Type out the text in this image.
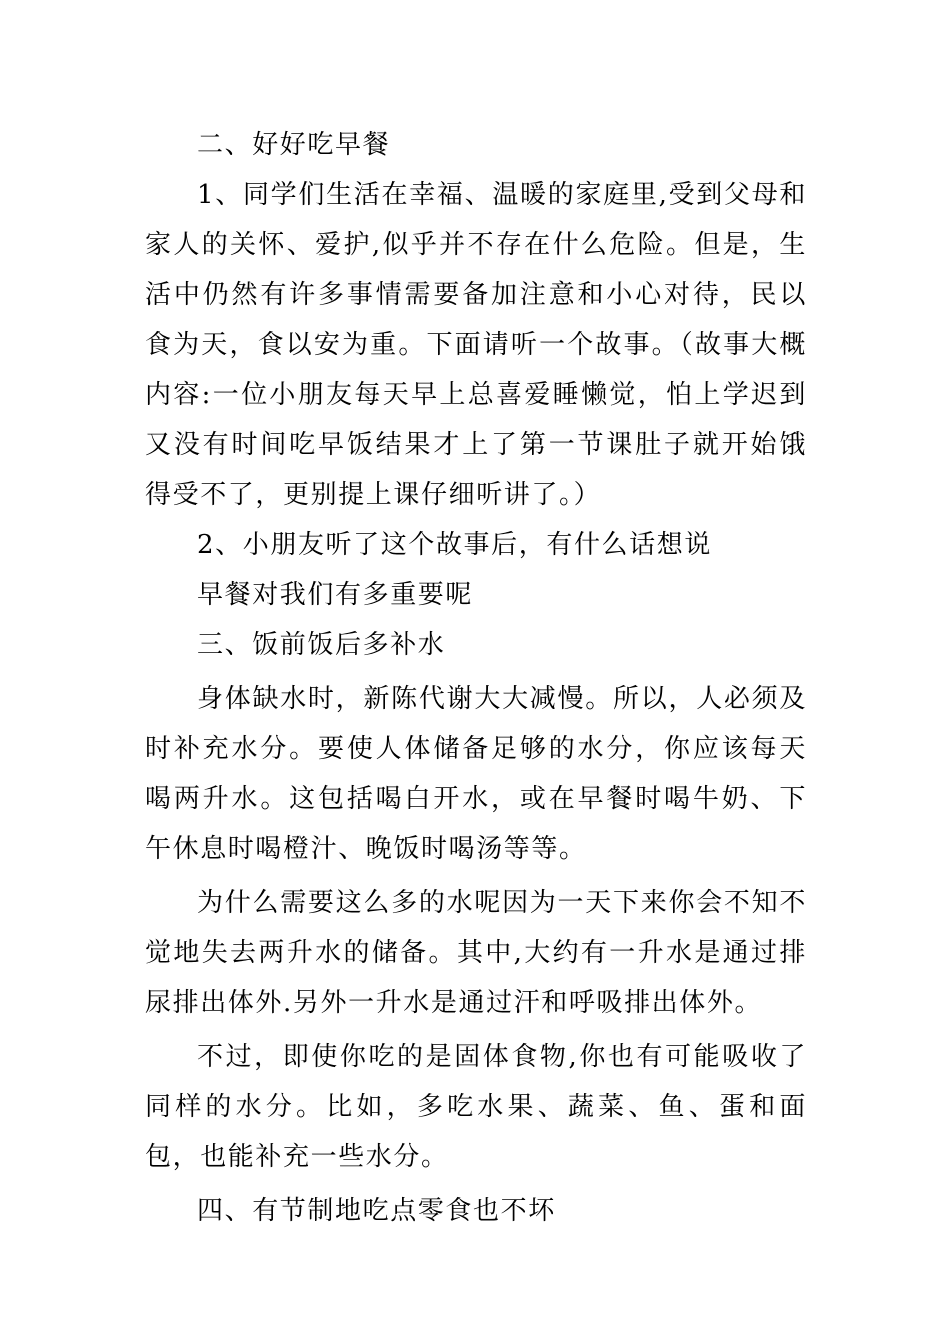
二、好好吃早餐

1、同学们生活在幸福、温暖的家庭里,受到父母和家人的关怀、爱护,似乎并不存在什么危险。但是，生活中仍然有许多事情需要备加注意和小心对待，民以食为天，食以安为重。下面请听一个故事。（故事大概内容:一位小朋友每天早上总喜爱睡懒觉，怕上学迟到又没有时间吃早饭结果才上了第一节课肚子就开始饿得受不了，更别提上课仔细听讲了。）

2、小朋友听了这个故事后，有什么话想说

早餐对我们有多重要呢

三、饭前饭后多补水

身体缺水时，新陈代谢大大减慢。所以，人必须及时补充水分。要使人体储备足够的水分，你应该每天喝两升水。这包括喝白开水，或在早餐时喝牛奶、下午休息时喝橙汁、晚饭时喝汤等等。

为什么需要这么多的水呢因为一天下来你会不知不觉地失去两升水的储备。其中,大约有一升水是通过排尿排出体外.另外一升水是通过汗和呼吸排出体外。

不过，即使你吃的是固体食物,你也有可能吸收了同样的水分。比如，多吃水果、蔬菜、鱼、蛋和面包，也能补充一些水分。

四、有节制地吃点零食也不坏
